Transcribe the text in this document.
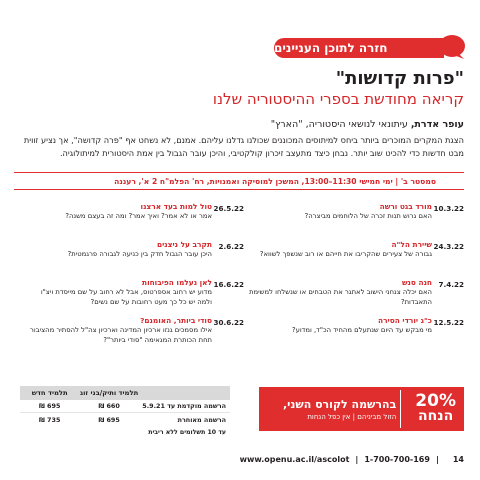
חזרה לתוכן העניינים
"פרות קדושות"
קריאה מחודשת בספרי ההיסטוריה שלנו
עופר אדרת, עיתונאי לנושאי היסטוריה, "הארץ"
הצגת המקרים המוכרים ביותר ביחס למיתוסים המכוננים שכולנו גדלנו עליהם. אמנם, לא נשחט אף "פרה קדושה", אך נציע זווית מבט חדשות כדי להכיט שוב יותר. נבחן כיצד מתעצב זיכרון קולקטיבי, והיכן עובר הגבול בין אמת היסטורית למיתולוגיה.
סמסטר ב' | ימי חמישי 11:30–13:00, המשכן למוסיקה ואמנויות, רח' הפלמ"ח 2 א', רעננה
10.3.22
מורד בגט ורשה
האם גרוש תנות זכרה של הלוחמים מביצרה?
24.3.22
שיירת הל"ה
גבורה של צעירים שהקריבו את חייהם או רוב שנשפך לשווא?
7.4.22
חנה סנש
האם יכלה צנחני הישוב לאתגר את הטבחים או שנשלחו למשימת התאבדות?
12.5.22
כ"ג יורדי הסירה
מי מבקש עד היום שנתעלם מהחיד הכ"ד, ומדוע?
26.5.22
טול למות בעד ארצנו
אמר או לא אמר? ואיך אמר? ומה זה בעצם משנה?
2.6.22
תקרב על ניצנים
היכן עובר הגבול חדק בין כניעה לגבורה פרגמטית?
16.6.22
לאן נעלמו הפיבוחות
מדוע יש רחוב אספרטוס, אבל לא רחוב על שם מייסדת ויצ"ו ולמה יש כל כך מעט רחובות על שם נשים?
30.6.22
סודי ביותר, האומנם?
אילו מסמכים גנזו ארכיון המדינה וארכיון צה"ל להסתיר מהציבור תחת הכותרת המגאימה "סודי ביותר"?
20%
הנחה
בהרשמה לקורס השני,
הזול מביניהם | אין כפל הנחות
תלמיד ותיק/בני זוג
תלמיד חדש
הרשמה מוקדמת עד 5.9.21
660 ₪
695 ₪
הרשמה מאוחרת
695 ₪
735 ₪
עד 10 תשלומים ללא ריבית
14
|
1-700-700-169
|
www.openu.ac.il/ascolot
